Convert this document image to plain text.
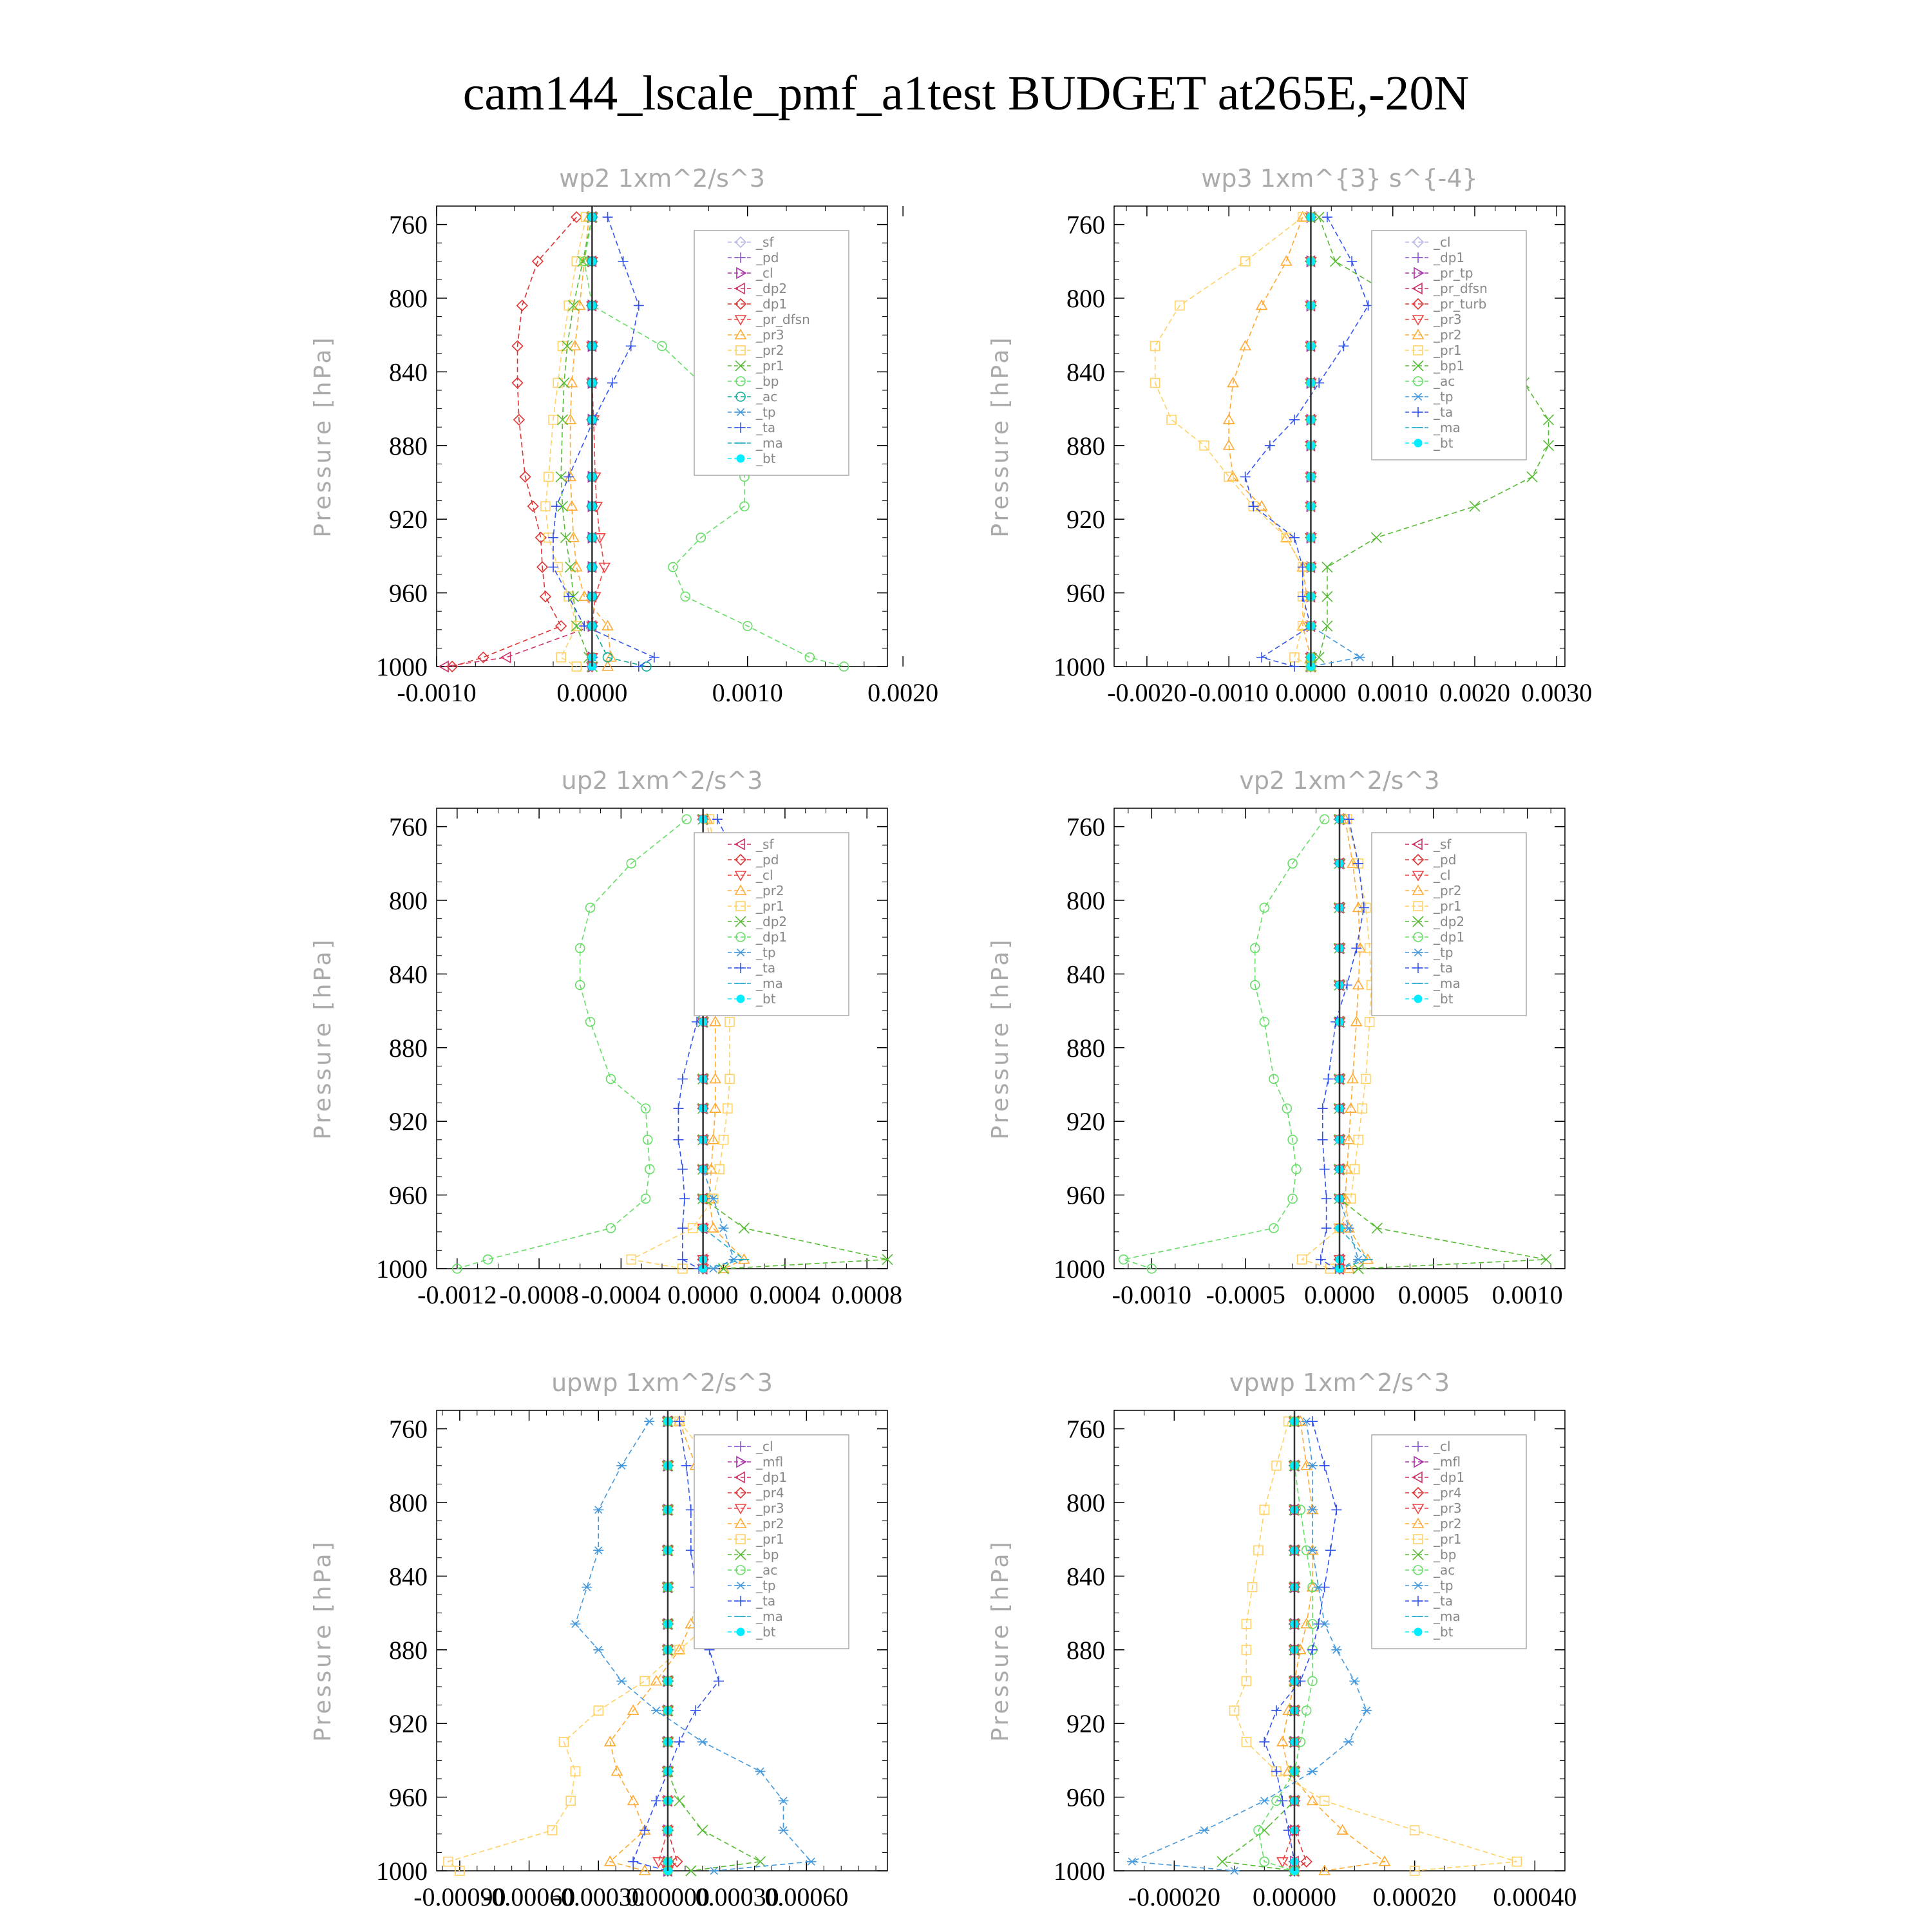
cam144_lscale_pmf_a1test BUDGET at265E,-20N
wp2 1xm^2/s^3
Pressure [hPa]
760
800
840
880
920
960
1000
-0.0010	0.0000	0.0010	0.0020
_sf
_pd
_cl
_dp2
_dp1
_pr_dfsn
_pr3
_pr2
_pr1
_bp
_ac
_tp
_ta
_ma
_bt
wp3 1xm^{3} s^{-4}
Pressure [hPa]
760
800
840
880
920
960
1000
-0.0020 -0.0010 0.0000 0.0010 0.0020 0.0030
_cl
_dp1
_pr_tp
_pr_dfsn
_pr_turb
_pr3
_pr2
_pr1
_bp1
_ac
_tp
_ta
_ma
_bt
up2 1xm^2/s^3
Pressure [hPa]
760
800
840
880
920
960
1000
-0.0012 -0.0008 -0.0004 0.0000 0.0004 0.0008
_sf
_pd
_cl
_pr2
_pr1
_dp2
_dp1
_tp
_ta
_ma
_bt
vp2 1xm^2/s^3
Pressure [hPa]
760
800
840
880
920
960
1000
-0.0010 -0.0005 0.0000 0.0005 0.0010
_sf
_pd
_cl
_pr2
_pr1
_dp2
_dp1
_tp
_ta
_ma
_bt
upwp 1xm^2/s^3
Pressure [hPa]
760
800
840
880
920
960
1000
-0.00090
-0.00060
-0.00030
0.00000
0.00030
0.00060
_cl
_mfl
_dp1
_pr4
_pr3
_pr2
_pr1
_bp
_ac
_tp
_ta
_ma
_bt
vpwp 1xm^2/s^3
Pressure [hPa]
760
800
840
880
920
960
1000
-0.00020 0.00000 0.00020 0.00040
_cl
_mfl
_dp1
_pr4
_pr3
_pr2
_pr1
_bp
_ac
_tp
_ta
_ma
_bt
